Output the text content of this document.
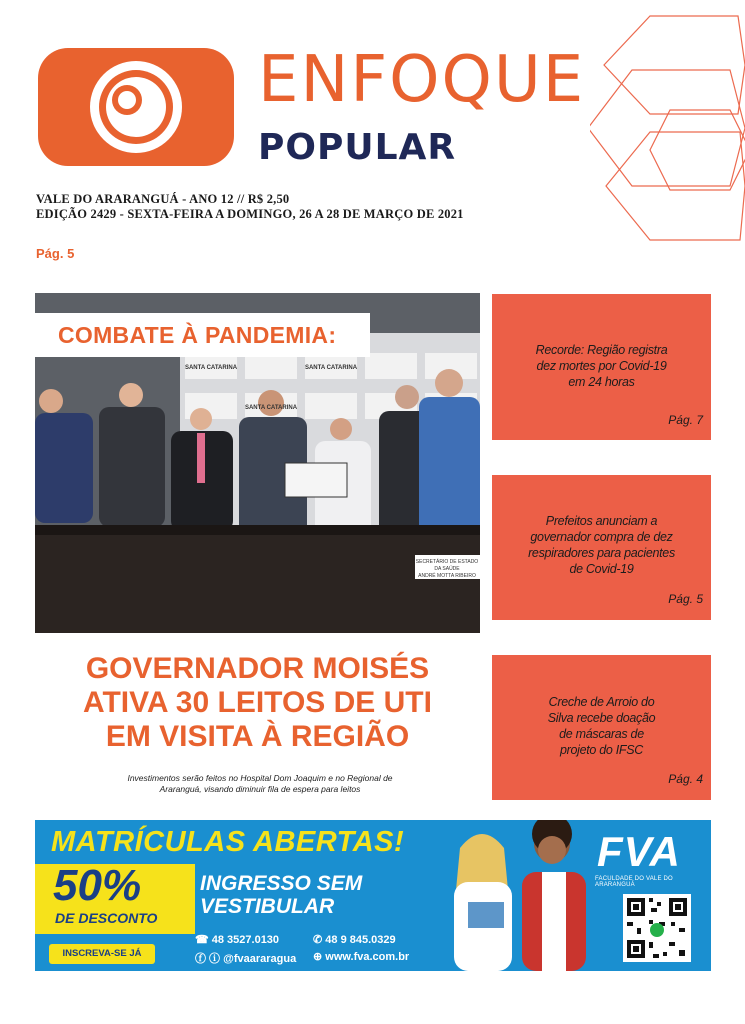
ENFOQUE
POPULAR
VALE DO ARARANGUÁ - ANO 12 // R$ 2,50
EDIÇÃO 2429 - SEXTA-FEIRA A DOMINGO, 26 A 28 DE MARÇO DE 2021
Pág. 5
SECRETÁRIO DE ESTADO
DA SAÚDE
ANDRÉ MOTTA RIBEIRO
SANTA CATARINA	SANTA CATARINA
SANTA CATARINA
COMBATE À PANDEMIA:
GOVERNADOR MOISÉS
ATIVA 30 LEITOS DE UTI
EM VISITA À REGIÃO
Investimentos serão feitos no Hospital Dom Joaquim e no Regional de
Araranguá, visando diminuir fila de espera para leitos
Recorde: Região registra dez mortes por Covid-19 em 24 horas
Pág. 7
Prefeitos anunciam a governador compra de dez respiradores para pacientes de Covid-19
Pág. 5
Creche de Arroio do Silva recebe doação de máscaras de projeto do IFSC
Pág. 4
MATRÍCULAS ABERTAS!
50%
DE DESCONTO
INGRESSO SEM VESTIBULAR
INSCREVA-SE JÁ
☎ 48 3527.0130	✆ 48 9 845.0329
ⓕ ⓘ @fvaararagua ⊕ www.fva.com.br
FVA
FACULDADE DO VALE DO ARARANGUÁ
